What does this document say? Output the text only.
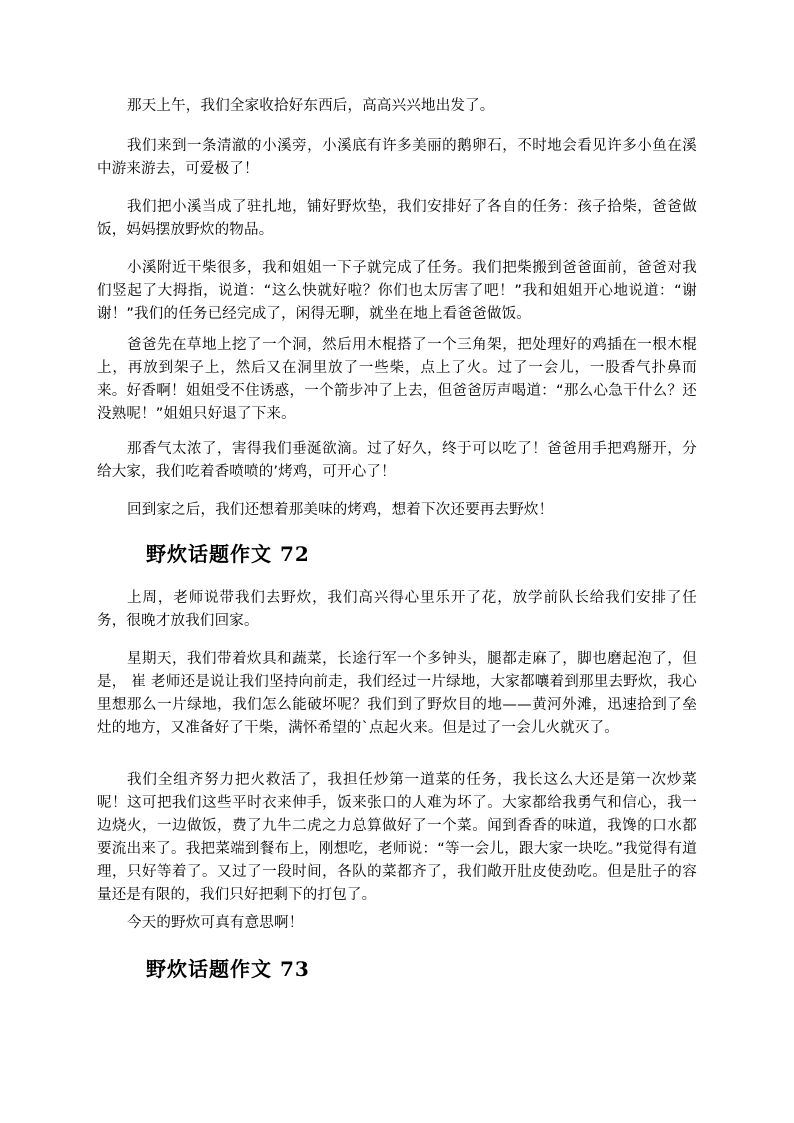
那天上午，我们全家收拾好东西后，高高兴兴地出发了。

我们来到一条清澈的小溪旁，小溪底有许多美丽的鹅卵石，不时地会看见许多小鱼在溪中游来游去，可爱极了！

我们把小溪当成了驻扎地，铺好野炊垫，我们安排好了各自的任务：孩子拾柴，爸爸做饭，妈妈摆放野炊的物品。

小溪附近干柴很多，我和姐姐一下子就完成了任务。我们把柴搬到爸爸面前，爸爸对我们竖起了大拇指，说道：“这么快就好啦？你们也太厉害了吧！”我和姐姐开心地说道：“谢谢！”我们的任务已经完成了，闲得无聊，就坐在地上看爸爸做饭。

爸爸先在草地上挖了一个洞，然后用木棍搭了一个三角架，把处理好的鸡插在一根木棍上，再放到架子上，然后又在洞里放了一些柴，点上了火。过了一会儿，一股香气扑鼻而来。好香啊！姐姐受不住诱惑，一个箭步冲了上去，但爸爸厉声喝道：“那么心急干什么？还没熟呢！”姐姐只好退了下来。

那香气太浓了，害得我们垂涎欲滴。过了好久，终于可以吃了！爸爸用手把鸡掰开，分给大家，我们吃着香喷喷的’烤鸡，可开心了！

回到家之后，我们还想着那美味的烤鸡，想着下次还要再去野炊！

野炊话题作文 72

上周，老师说带我们去野炊，我们高兴得心里乐开了花，放学前队长给我们安排了任务，很晚才放我们回家。

星期天，我们带着炊具和蔬菜，长途行军一个多钟头，腿都走麻了，脚也磨起泡了，但是， 崔 老师还是说让我们坚持向前走，我们经过一片绿地，大家都嚷着到那里去野炊，我心里想那么一片绿地，我们怎么能破坏呢？我们到了野炊目的地——黄河外滩，迅速拾到了垒灶的地方，又准备好了干柴，满怀希望的`点起火来。但是过了一会儿火就灭了。

我们全组齐努力把火救活了，我担任炒第一道菜的任务，我长这么大还是第一次炒菜呢！这可把我们这些平时衣来伸手，饭来张口的人难为坏了。大家都给我勇气和信心，我一边烧火，一边做饭，费了九牛二虎之力总算做好了一个菜。闻到香香的味道，我馋的口水都要流出来了。我把菜端到餐布上，刚想吃，老师说：“等一会儿，跟大家一块吃。”我觉得有道理，只好等着了。又过了一段时间，各队的菜都齐了，我们敞开肚皮使劲吃。但是肚子的容量还是有限的，我们只好把剩下的打包了。

今天的野炊可真有意思啊！

野炊话题作文 73
